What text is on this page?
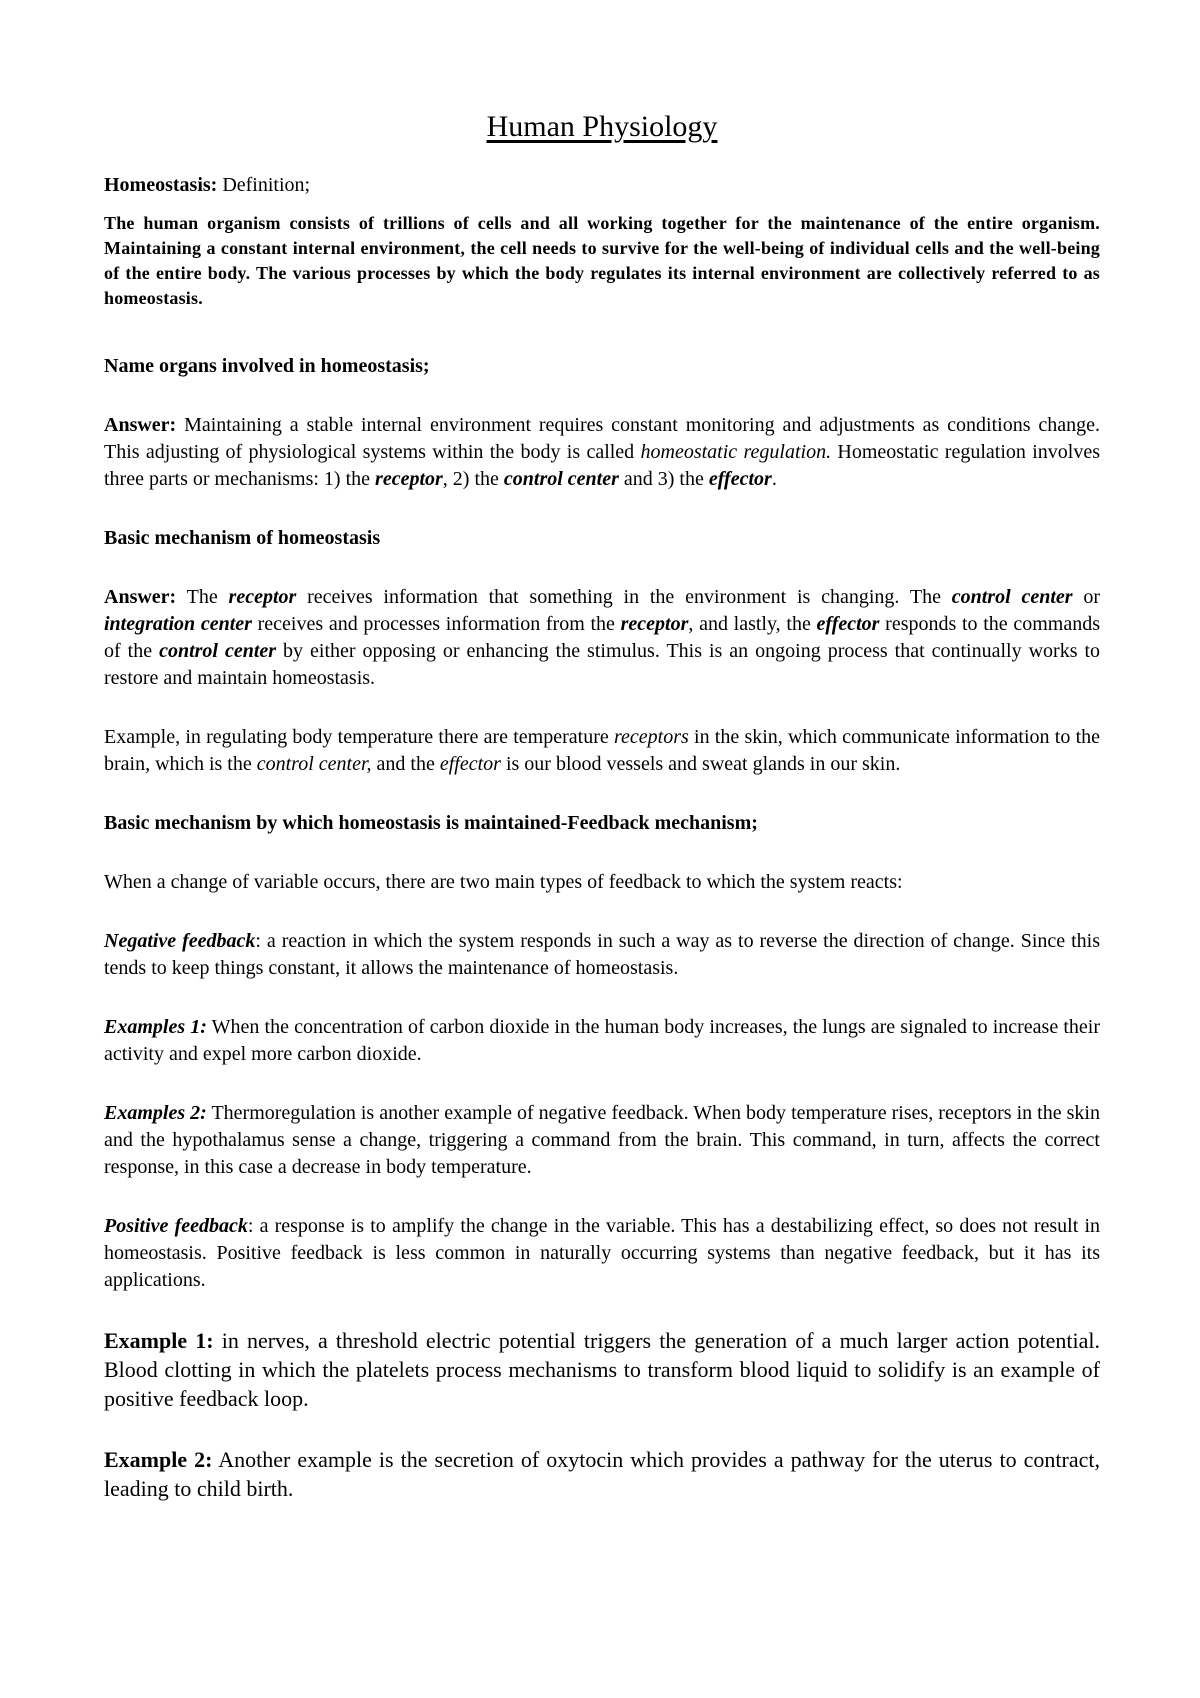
Human Physiology

Homeostasis: Definition;

The human organism consists of trillions of cells and all working together for the maintenance of the entire organism. Maintaining a constant internal environment, the cell needs to survive for the well-being of individual cells and the well-being of the entire body. The various processes by which the body regulates its internal environment are collectively referred to as homeostasis.

Name organs involved in homeostasis;

Answer: Maintaining a stable internal environment requires constant monitoring and adjustments as conditions change. This adjusting of physiological systems within the body is called homeostatic regulation. Homeostatic regulation involves three parts or mechanisms: 1) the receptor, 2) the control center and 3) the effector.

Basic mechanism of homeostasis

Answer: The receptor receives information that something in the environment is changing. The control center or integration center receives and processes information from the receptor, and lastly, the effector responds to the commands of the control center by either opposing or enhancing the stimulus. This is an ongoing process that continually works to restore and maintain homeostasis.

Example, in regulating body temperature there are temperature receptors in the skin, which communicate information to the brain, which is the control center, and the effector is our blood vessels and sweat glands in our skin.

Basic mechanism by which homeostasis is maintained-Feedback mechanism;

When a change of variable occurs, there are two main types of feedback to which the system reacts:

Negative feedback: a reaction in which the system responds in such a way as to reverse the direction of change. Since this tends to keep things constant, it allows the maintenance of homeostasis.

Examples 1: When the concentration of carbon dioxide in the human body increases, the lungs are signaled to increase their activity and expel more carbon dioxide.

Examples 2: Thermoregulation is another example of negative feedback. When body temperature rises, receptors in the skin and the hypothalamus sense a change, triggering a command from the brain. This command, in turn, affects the correct response, in this case a decrease in body temperature.

Positive feedback: a response is to amplify the change in the variable. This has a destabilizing effect, so does not result in homeostasis. Positive feedback is less common in naturally occurring systems than negative feedback, but it has its applications.

Example 1: in nerves, a threshold electric potential triggers the generation of a much larger action potential. Blood clotting in which the platelets process mechanisms to transform blood liquid to solidify is an example of positive feedback loop.

Example 2: Another example is the secretion of oxytocin which provides a pathway for the uterus to contract, leading to child birth.
